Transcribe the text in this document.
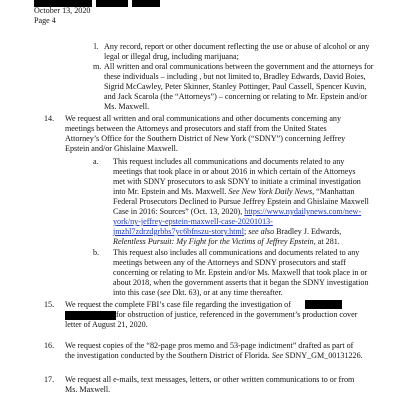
October 13, 2020
Page 4
l. Any record, report or other document reflecting the use or abuse of alcohol or any legal or illegal drug, including marijuana;
m. All written and oral communications between the government and the attorneys for these individuals – including , but not limited to, Bradley Edwards, David Boies, Sigrid McCawley, Peter Skinner, Stanley Pottinger, Paul Cassell, Spencer Kuvin, and Jack Scarola (the “Attorneys”) – concerning or relating to Mr. Epstein and/or Ms. Maxwell.
14. We request all written and oral communications and other documents concerning any meetings between the Attorneys and prosecutors and staff from the United States Attorney’s Office for the Southern District of New York (“SDNY”) concerning Jeffrey Epstein and/or Ghislaine Maxwell.
a. This request includes all communications and documents related to any meetings that took place in or about 2016 in which certain of the Attorneys met with SDNY prosecutors to ask SDNY to initiate a criminal investigation into Mr. Epstein and Ms. Maxwell. See New York Daily News, “Manhattan Federal Prosecutors Declined to Pursue Jeffrey Epstein and Ghislaine Maxwell Case in 2016: Sources” (Oct. 13, 2020), https://www.nydailynews.com/new-york/ny-jeffrey-epstein-maxwell-case-20201013-jmzhl7zdrzdgrbbs7yc6bfnszu-story.html; see also Bradley J. Edwards, Relentless Pursuit: My Fight for the Victims of Jeffrey Epstein, at 281.
b. This request also includes all communications and documents related to any meetings between any of the Attorneys and SDNY prosecutors and staff concerning or relating to Mr. Epstein and/or Ms. Maxwell that took place in or about 2018, when the government asserts that it began the SDNY investigation into this case (see Dkt. 63), or at any time thereafter.
15. We request the complete FBI’s case file regarding the investigation of
for obstruction of justice, referenced in the government’s production cover letter of August 21, 2020.
16. We request copies of the “82-page pros memo and 53-page indictment” drafted as part of the investigation conducted by the Southern District of Florida. See SDNY_GM_00131226.
17. We request all e-mails, text messages, letters, or other written communications to or from Ms. Maxwell.
